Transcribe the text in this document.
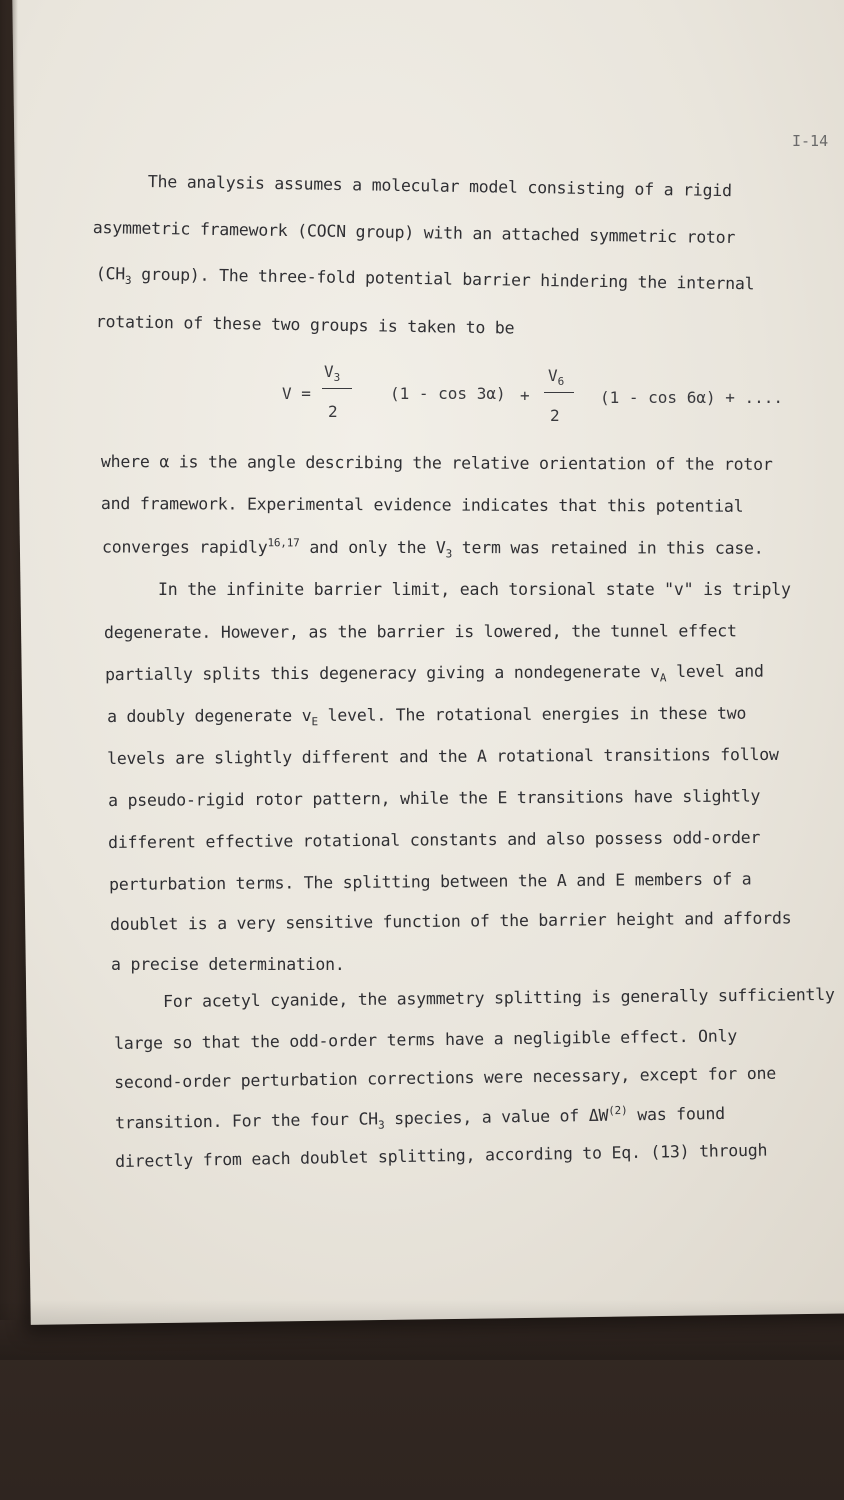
I-14
The analysis assumes a molecular model consisting of a rigid
asymmetric framework (COCN group) with an attached symmetric rotor
($CH_3$ group). The three-fold potential barrier hindering the internal
rotation of these two groups is taken to be
V =
$V_3$
2
(1 - cos 3α) +
$V_6$
2
(1 - cos 6α) + ....
where α is the angle describing the relative orientation of the rotor
and framework. Experimental evidence indicates that this potential
converges rapidly$^{16,17}$ and only the $V_3$ term was retained in this case.
In the infinite barrier limit, each torsional state "v" is triply
degenerate. However, as the barrier is lowered, the tunnel effect
partially splits this degeneracy giving a nondegenerate $v_A$ level and
a doubly degenerate $v_E$ level. The rotational energies in these two
levels are slightly different and the A rotational transitions follow
a pseudo-rigid rotor pattern, while the E transitions have slightly
different effective rotational constants and also possess odd-order
perturbation terms. The splitting between the A and E members of a
doublet is a very sensitive function of the barrier height and affords
a precise determination.
For acetyl cyanide, the asymmetry splitting is generally sufficiently
large so that the odd-order terms have a negligible effect. Only
second-order perturbation corrections were necessary, except for one
transition. For the four $CH_3$ species, a value of ΔW$^{(2)}$ was found
directly from each doublet splitting, according to Eq. (13) through
